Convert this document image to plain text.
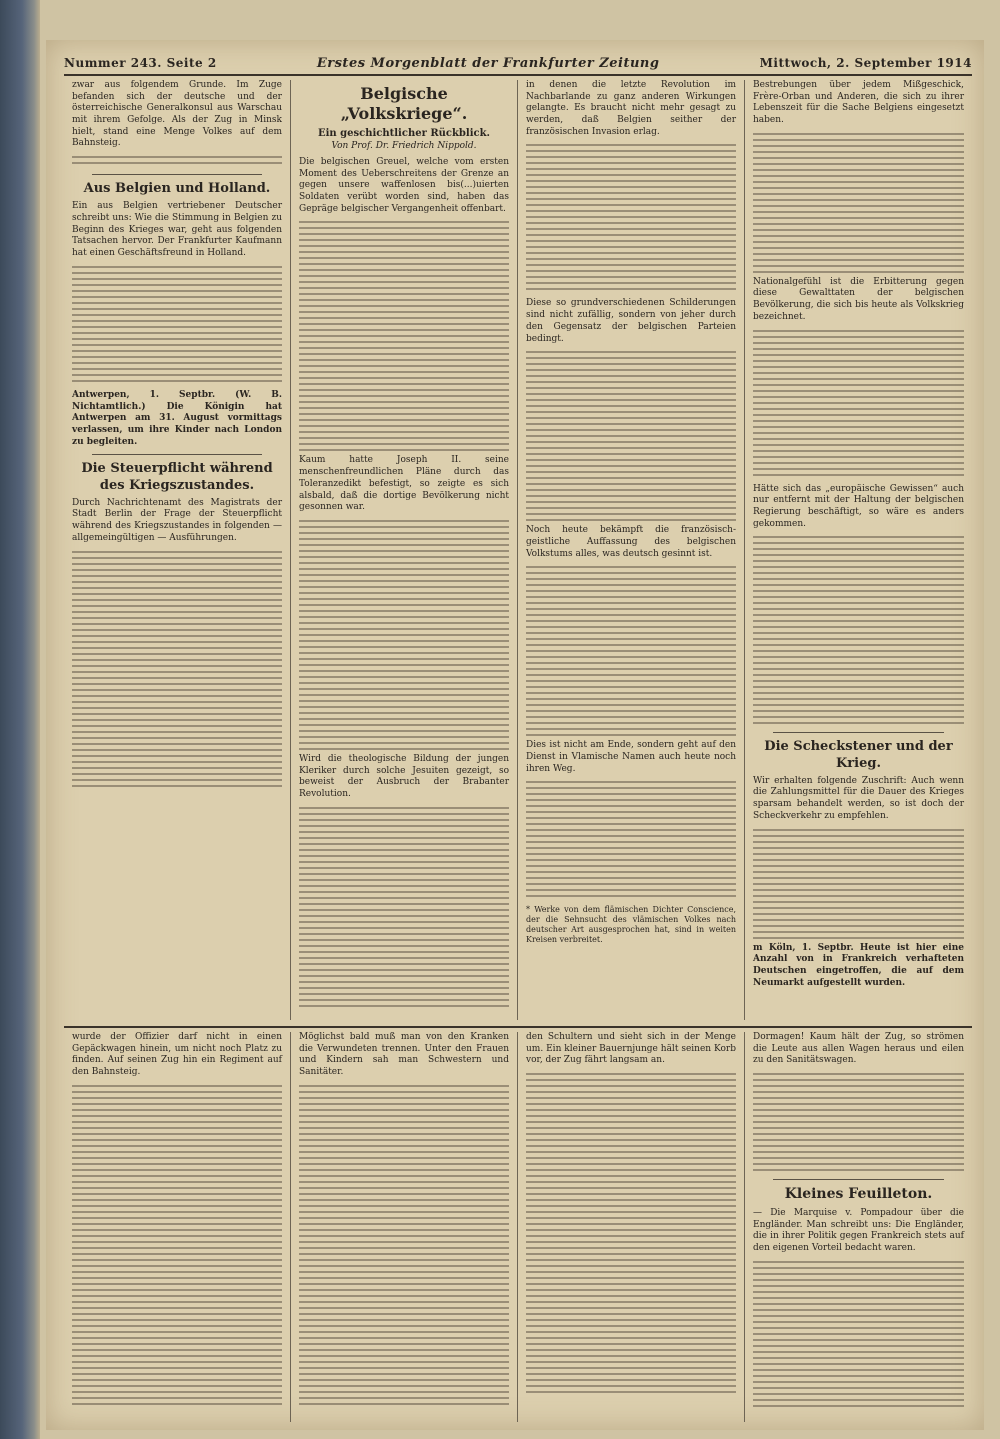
Nummer 243. Seite 2	Erstes Morgenblatt der Frankfurter Zeitung	Mittwoch, 2. September 1914

zwar aus folgendem Grunde. Im Zuge befanden sich der deutsche und der österreichische Generalkonsul aus Warschau mit ihrem Gefolge. Als der Zug in Minsk hielt, stand eine Menge Volkes auf dem Bahnsteig.

Aus Belgien und Holland.

Ein aus Belgien vertriebener Deutscher schreibt uns: Wie die Stimmung in Belgien zu Beginn des Krieges war, geht aus folgenden Tatsachen hervor. Der Frankfurter Kaufmann hat einen Geschäftsfreund in Holland.

Antwerpen, 1. Septbr. (W. B. Nichtamtlich.) Die Königin hat Antwerpen am 31. August vormittags verlassen, um ihre Kinder nach London zu begleiten.

Die Steuerpflicht während des Kriegszustandes.

Durch Nachrichtenamt des Magistrats der Stadt Berlin der Frage der Steuerpflicht während des Kriegszustandes in folgenden — allgemeingültigen — Ausführungen.

Belgische „Volkskriege“.
Ein geschichtlicher Rückblick.
Von Prof. Dr. Friedrich Nippold.

Die belgischen Greuel, welche vom ersten Moment des Ueberschreitens der Grenze an gegen unsere waffenlosen bis(...)uierten Soldaten verübt worden sind, haben das Gepräge belgischer Vergangenheit offenbart.

Kaum hatte Joseph II. seine menschenfreundlichen Pläne durch das Toleranzedikt befestigt, so zeigte es sich alsbald, daß die dortige Bevölkerung nicht gesonnen war.

Wird die theologische Bildung der jungen Kleriker durch solche Jesuiten gezeigt, so beweist der Ausbruch der Brabanter Revolution.

in denen die letzte Revolution im Nachbarlande zu ganz anderen Wirkungen gelangte. Es braucht nicht mehr gesagt zu werden, daß Belgien seither der französischen Invasion erlag.

Diese so grundverschiedenen Schilderungen sind nicht zufällig, sondern von jeher durch den Gegensatz der belgischen Parteien bedingt.

Noch heute bekämpft die französisch-geistliche Auffassung des belgischen Volkstums alles, was deutsch gesinnt ist.

Dies ist nicht am Ende, sondern geht auf den Dienst in Vlamische Namen auch heute noch ihren Weg.

* Werke von dem flämischen Dichter Conscience, der die Sehnsucht des vlämischen Volkes nach deutscher Art ausgesprochen hat, sind in weiten Kreisen verbreitet.

Bestrebungen über jedem Mißgeschick, Frère-Orban und Anderen, die sich zu ihrer Lebenszeit für die Sache Belgiens eingesetzt haben.

Nationalgefühl ist die Erbitterung gegen diese Gewalttaten der belgischen Bevölkerung, die sich bis heute als Volkskrieg bezeichnet.

Hätte sich das „europäische Gewissen“ auch nur entfernt mit der Haltung der belgischen Regierung beschäftigt, so wäre es anders gekommen.

Die Scheckstener und der Krieg.

Wir erhalten folgende Zuschrift: Auch wenn die Zahlungsmittel für die Dauer des Krieges sparsam behandelt werden, so ist doch der Scheckverkehr zu empfehlen.

m Köln, 1. Septbr. Heute ist hier eine Anzahl von in Frankreich verhafteten Deutschen eingetroffen, die auf dem Neumarkt aufgestellt wurden.

wurde der Offizier darf nicht in einen Gepäckwagen hinein, um nicht noch Platz zu finden. Auf seinen Zug hin ein Regiment auf den Bahnsteig.

Möglichst bald muß man von den Kranken die Verwundeten trennen. Unter den Frauen und Kindern sah man Schwestern und Sanitäter.

den Schultern und sieht sich in der Menge um. Ein kleiner Bauernjunge hält seinen Korb vor, der Zug fährt langsam an.

Dormagen! Kaum hält der Zug, so strömen die Leute aus allen Wagen heraus und eilen zu den Sanitätswagen.

Kleines Feuilleton.

— Die Marquise v. Pompadour über die Engländer. Man schreibt uns: Die Engländer, die in ihrer Politik gegen Frankreich stets auf den eigenen Vorteil bedacht waren.
